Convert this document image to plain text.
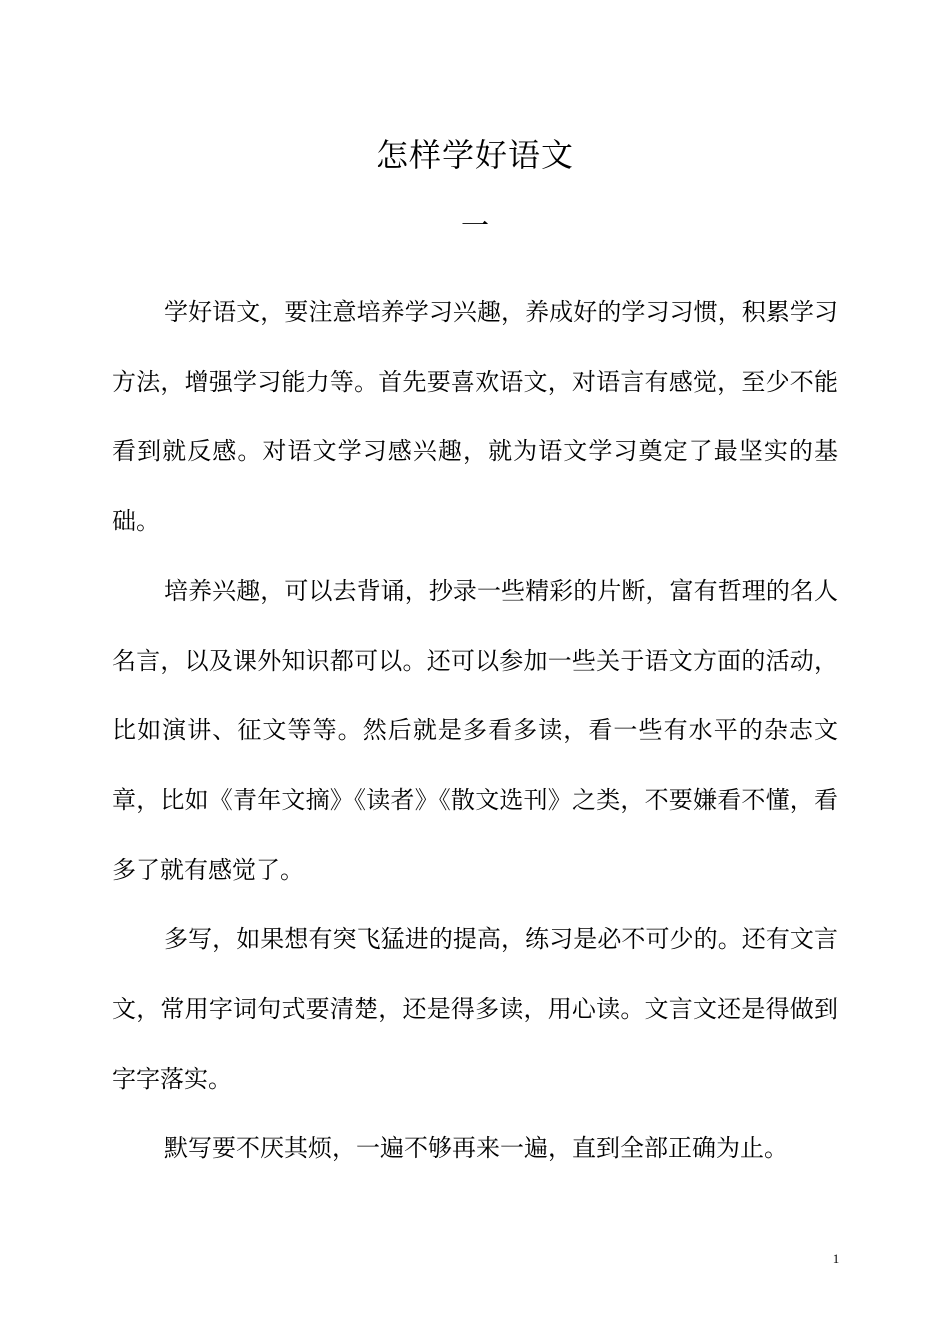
怎样学好语文
一

学好语文，要注意培养学习兴趣，养成好的学习习惯，积累学习方法，增强学习能力等。首先要喜欢语文，对语言有感觉，至少不能看到就反感。对语文学习感兴趣，就为语文学习奠定了最坚实的基础。

培养兴趣，可以去背诵，抄录一些精彩的片断，富有哲理的名人名言，以及课外知识都可以。还可以参加一些关于语文方面的活动，比如演讲、征文等等。然后就是多看多读，看一些有水平的杂志文章，比如《青年文摘》《读者》《散文选刊》之类，不要嫌看不懂，看多了就有感觉了。

多写，如果想有突飞猛进的提高，练习是必不可少的。还有文言文，常用字词句式要清楚，还是得多读，用心读。文言文还是得做到字字落实。

默写要不厌其烦，一遍不够再来一遍，直到全部正确为止。

1
